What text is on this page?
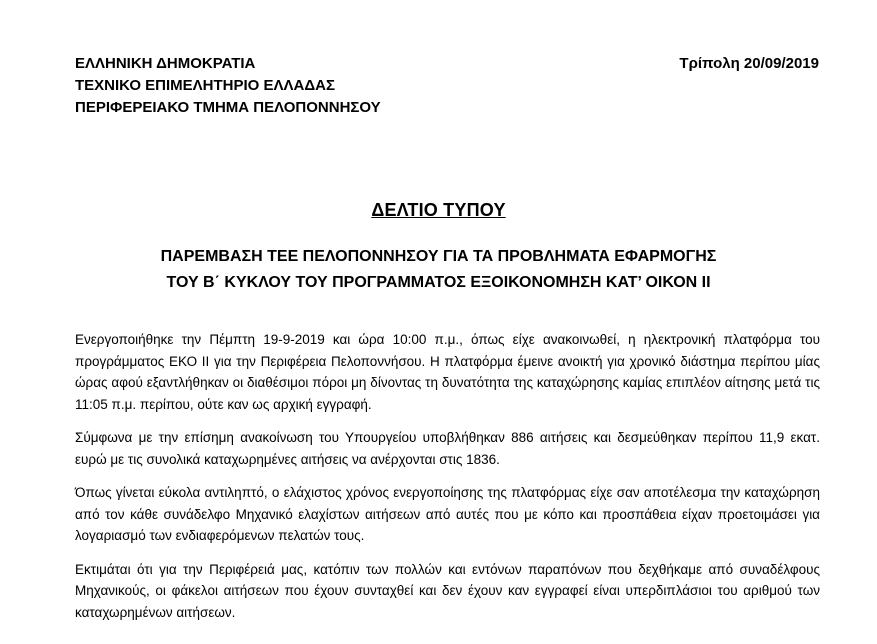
ΕΛΛΗΝΙΚΗ ΔΗΜΟΚΡΑΤΙΑ
ΤΕΧΝΙΚΟ ΕΠΙΜΕΛΗΤΗΡΙΟ ΕΛΛΑΔΑΣ
ΠΕΡΙΦΕΡΕΙΑΚΟ ΤΜΗΜΑ ΠΕΛΟΠΟΝΝΗΣΟΥ
Τρίπολη 20/09/2019
ΔΕΛΤΙΟ ΤΥΠΟΥ
ΠΑΡΕΜΒΑΣΗ ΤΕΕ ΠΕΛΟΠΟΝΝΗΣΟΥ ΓΙΑ ΤΑ ΠΡΟΒΛΗΜΑΤΑ ΕΦΑΡΜΟΓΗΣ
ΤΟΥ Β΄ ΚΥΚΛΟΥ ΤΟΥ ΠΡΟΓΡΑΜΜΑΤΟΣ ΕΞΟΙΚΟΝΟΜΗΣΗ ΚΑΤ’ ΟΙΚΟΝ ΙΙ

Ενεργοποιήθηκε την Πέμπτη 19-9-2019 και ώρα 10:00 π.μ., όπως είχε ανακοινωθεί, η ηλεκτρονική πλατφόρμα του προγράμματος ΕΚΟ ΙΙ για την Περιφέρεια Πελοποννήσου. Η πλατφόρμα έμεινε ανοικτή για χρονικό διάστημα περίπου μίας ώρας αφού εξαντλήθηκαν οι διαθέσιμοι πόροι μη δίνοντας τη δυνατότητα της καταχώρησης καμίας επιπλέον αίτησης μετά τις 11:05 π.μ. περίπου, ούτε καν ως αρχική εγγραφή.

Σύμφωνα με την επίσημη ανακοίνωση του Υπουργείου υποβλήθηκαν 886 αιτήσεις και δεσμεύθηκαν περίπου 11,9 εκατ. ευρώ με τις συνολικά καταχωρημένες αιτήσεις να ανέρχονται στις 1836.

Όπως γίνεται εύκολα αντιληπτό, ο ελάχιστος χρόνος ενεργοποίησης της πλατφόρμας είχε σαν αποτέλεσμα την καταχώρηση από τον κάθε συνάδελφο Μηχανικό ελαχίστων αιτήσεων από αυτές που με κόπο και προσπάθεια είχαν προετοιμάσει για λογαριασμό των ενδιαφερόμενων πελατών τους.

Εκτιμάται ότι για την Περιφέρειά μας, κατόπιν των πολλών και εντόνων παραπόνων που δεχθήκαμε από συναδέλφους Μηχανικούς, οι φάκελοι αιτήσεων που έχουν συνταχθεί και δεν έχουν καν εγγραφεί είναι υπερδιπλάσιοι του αριθμού των καταχωρημένων αιτήσεων.
